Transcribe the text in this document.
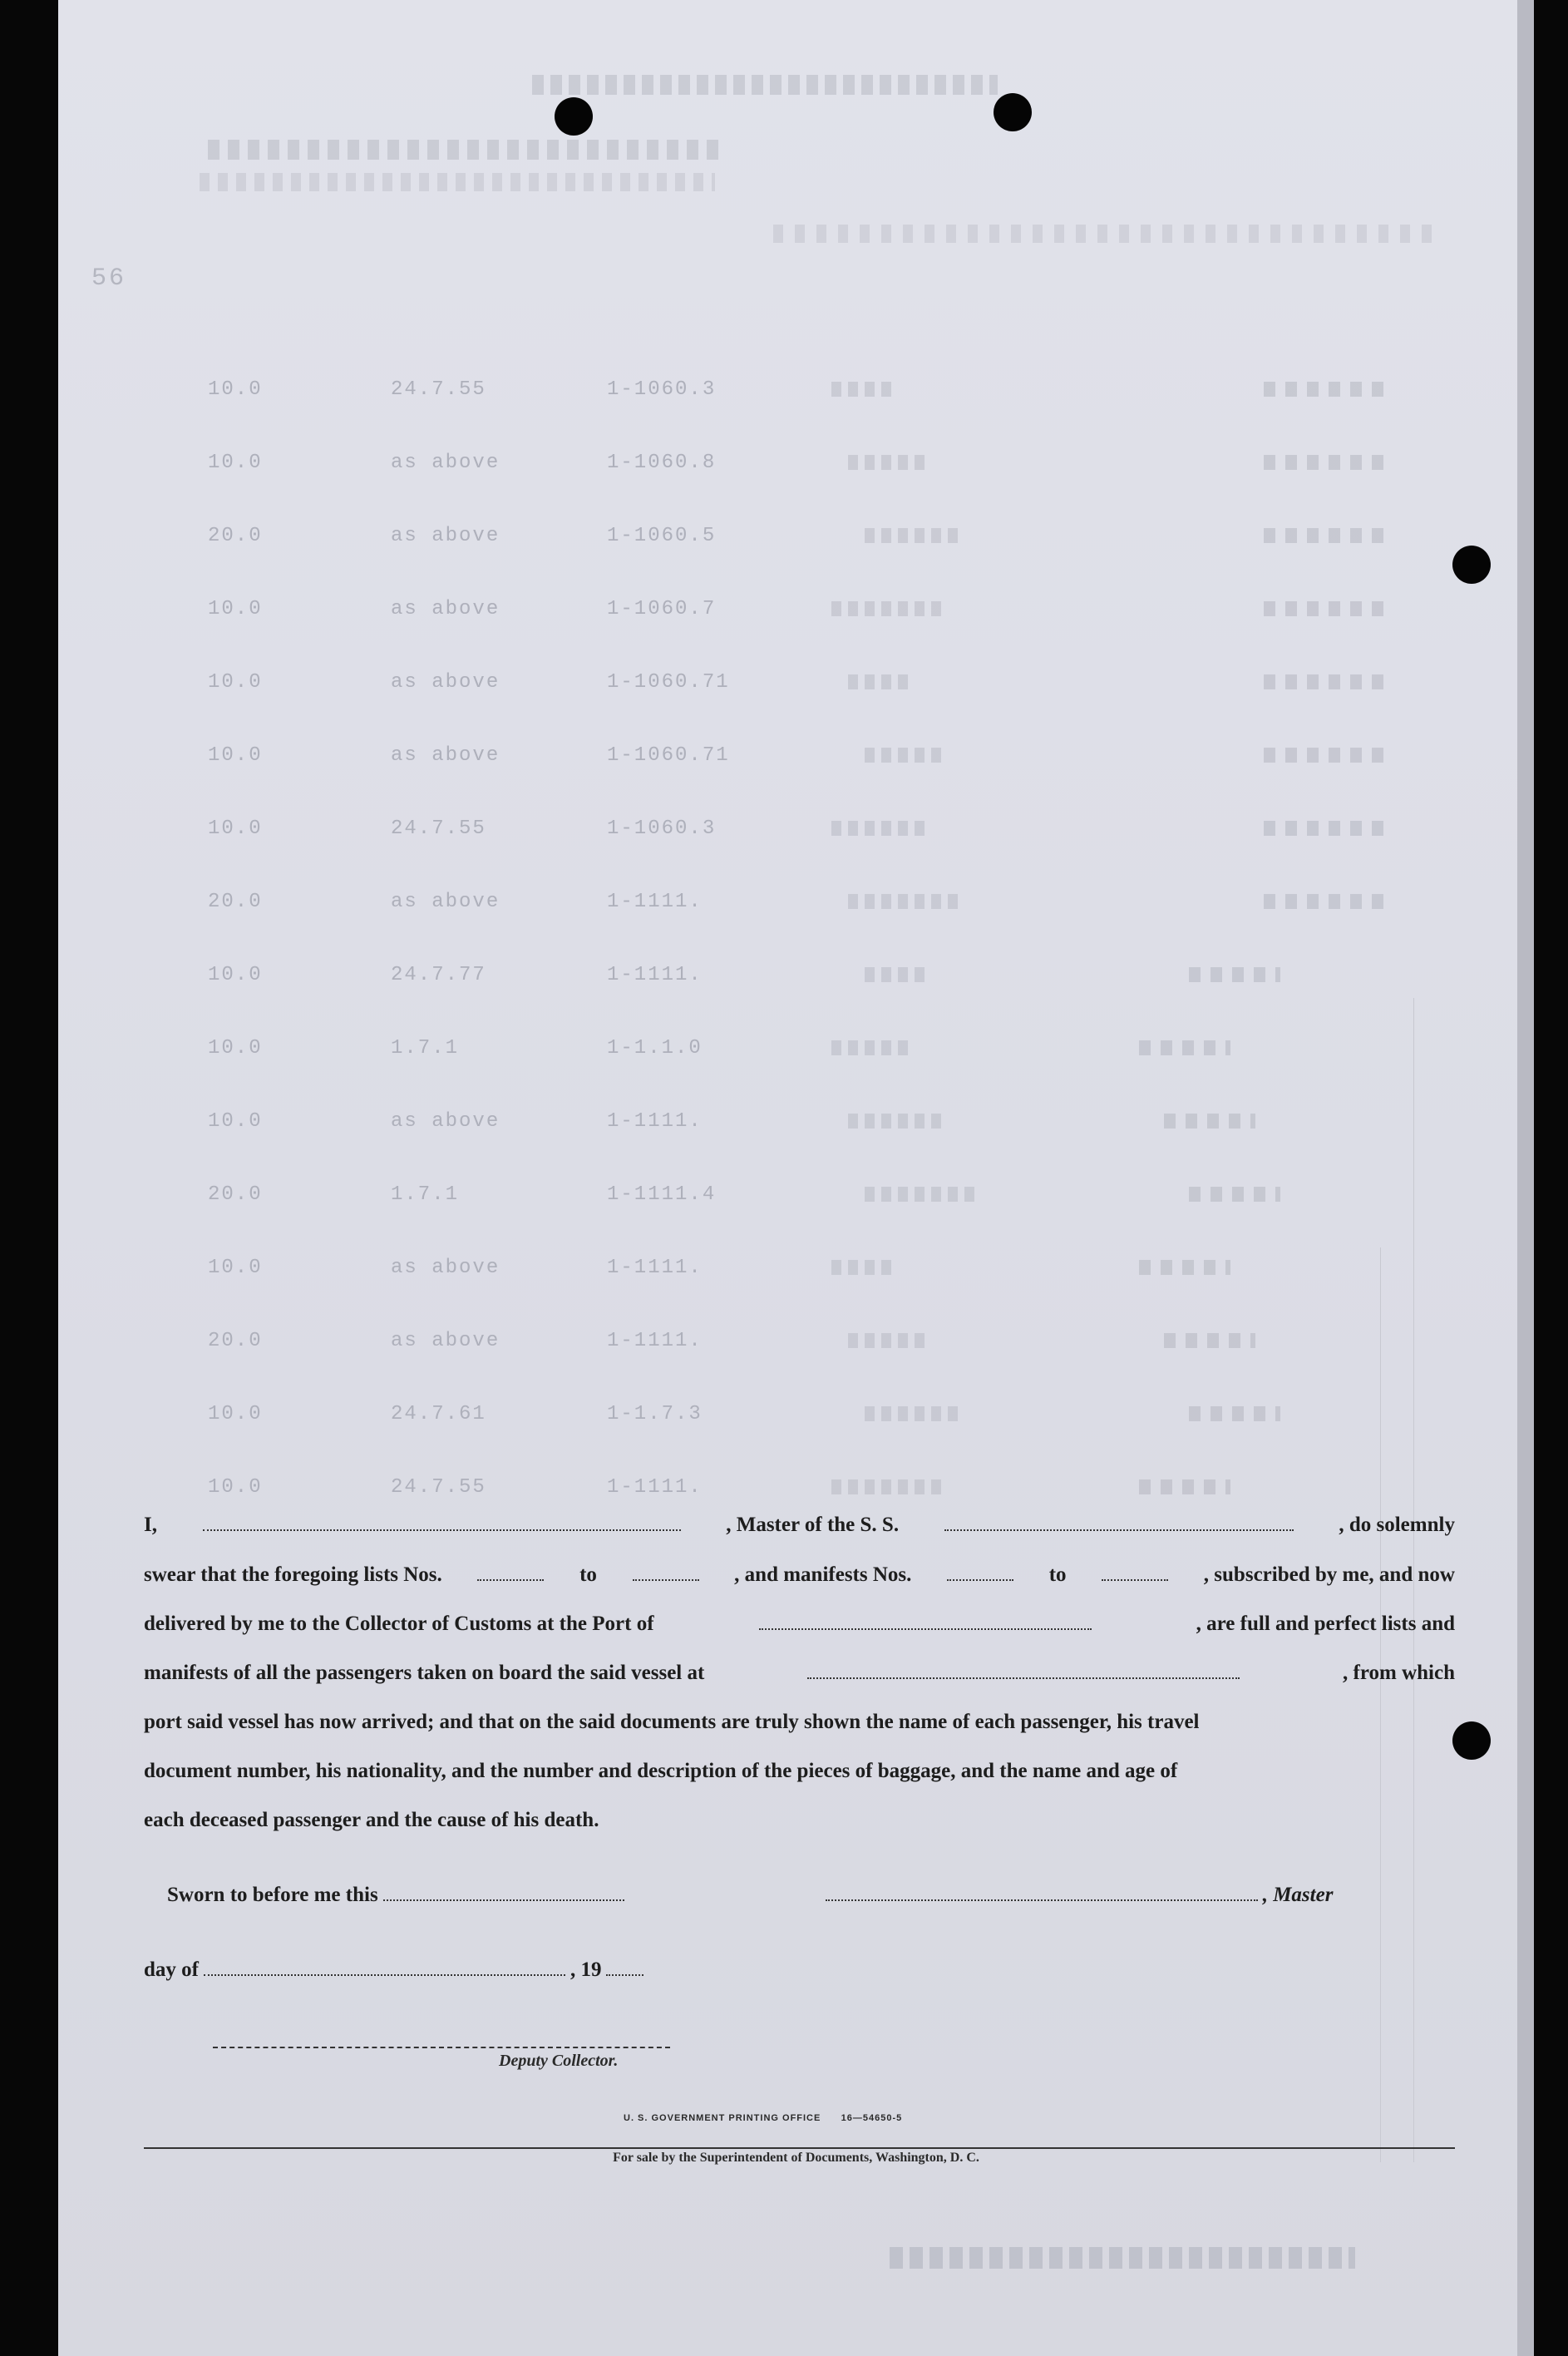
56
10.0	24.7.55	1-1060.3
10.0	as above	1-1060.8
20.0	as above	1-1060.5
10.0	as above	1-1060.7
10.0	as above	1-1060.71
10.0	as above	1-1060.71
10.0	24.7.55	1-1060.3
20.0	as above	1-1111.
10.0	24.7.77	1-1111.
10.0	1.7.1	1-1.1.0
10.0	as above	1-1111.
20.0	1.7.1	1-1111.4
10.0	as above	1-1111.
20.0	as above	1-1111.
10.0	24.7.61	1-1.7.3
10.0	24.7.55	1-1111.
I,	, Master of the S. S.	, do solemnly
swear that the foregoing lists Nos.	to	, and manifests Nos.	to	, subscribed by me, and now
delivered by me to the Collector of Customs at the Port of	, are full and perfect lists and
manifests of all the passengers taken on board the said vessel at	, from which
port said vessel has now arrived; and that on the said documents are truly shown the name of each passenger, his travel
document number, his nationality, and the number and description of the pieces of baggage, and the name and age of
each deceased passenger and the cause of his death.
Sworn to before me this	, Master
day of	, 19
Deputy Collector.
U. S. GOVERNMENT PRINTING OFFICE      16—54650-5
For sale by the Superintendent of Documents, Washington, D. C.
